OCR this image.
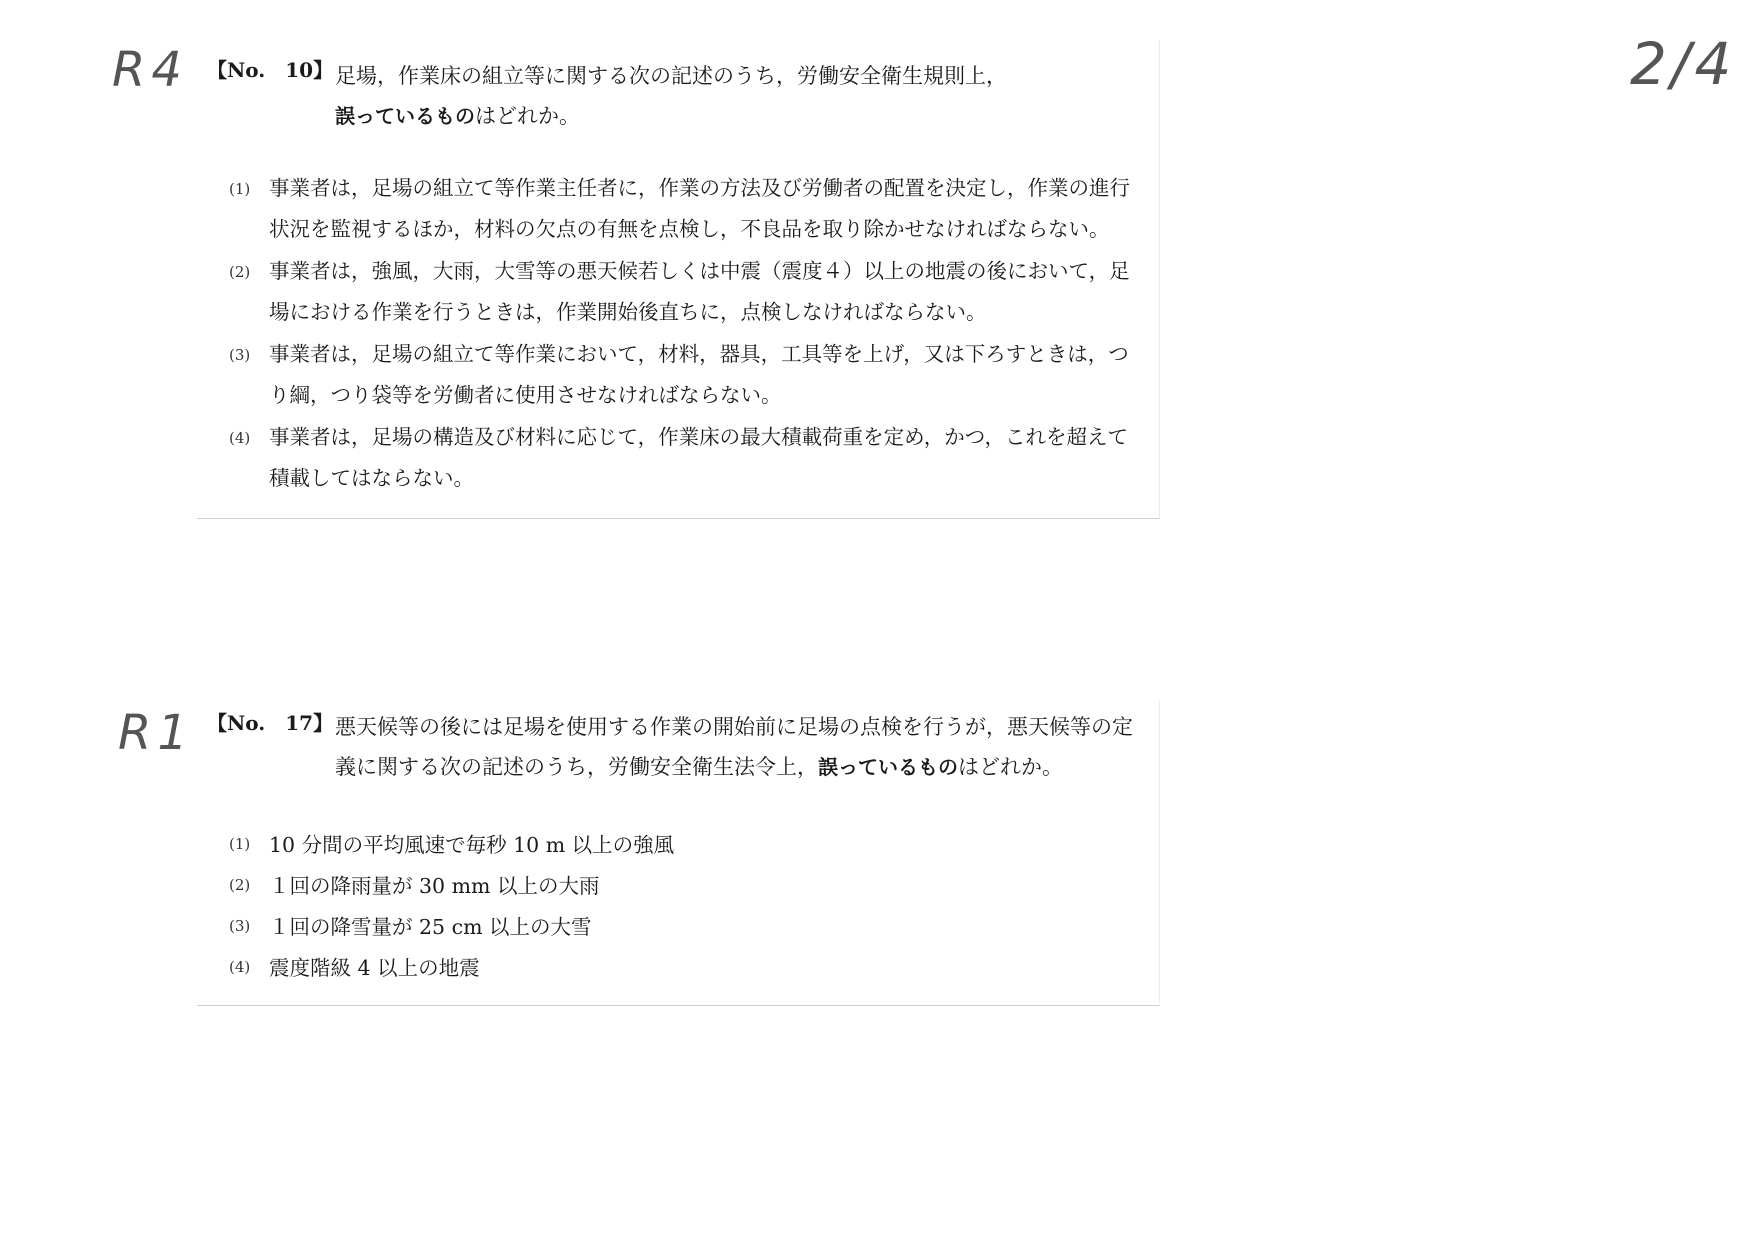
R4
R1
2/4
【No.　10】 足場，作業床の組立等に関する次の記述のうち，労働安全衛生規則上，
誤っているものはどれか。
(1) 事業者は，足場の組立て等作業主任者に，作業の方法及び労働者の配置を決定し，作業の進行状況を監視するほか，材料の欠点の有無を点検し，不良品を取り除かせなければならない。
(2) 事業者は，強風，大雨，大雪等の悪天候若しくは中震（震度４）以上の地震の後において，足場における作業を行うときは，作業開始後直ちに，点検しなければならない。
(3) 事業者は，足場の組立て等作業において，材料，器具，工具等を上げ，又は下ろすときは，つり綱，つり袋等を労働者に使用させなければならない。
(4) 事業者は，足場の構造及び材料に応じて，作業床の最大積載荷重を定め，かつ，これを超えて積載してはならない。
【No.　17】 悪天候等の後には足場を使用する作業の開始前に足場の点検を行うが，悪天候等の定義に関する次の記述のうち，労働安全衛生法令上，誤っているものはどれか。
(1) 10 分間の平均風速で毎秒 10 m 以上の強風
(2) １回の降雨量が 30 mm 以上の大雨
(3) １回の降雪量が 25 cm 以上の大雪
(4) 震度階級 4 以上の地震
